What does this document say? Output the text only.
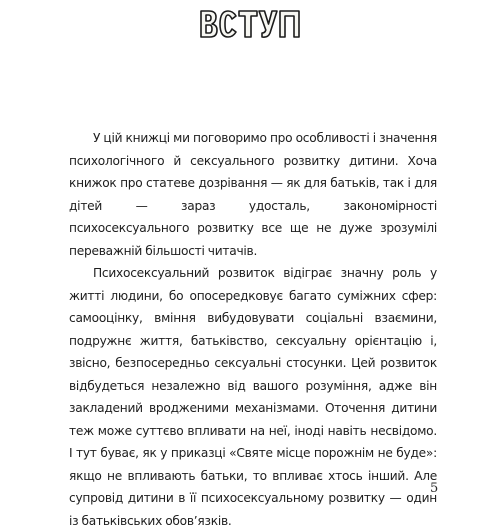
У цій книжці ми поговоримо про особливості і значення психологічного й сексуального розвитку дитини. Хоча книжок про статеве дозрівання — як для батьків, так і для дітей — зараз удосталь, закономірності психосексуального розвитку все ще не дуже зрозумілі переважній більшості читачів.

Психосексуальний розвиток відіграє значну роль у житті людини, бо опосередковує багато суміжних сфер: самооцінку, вміння вибудовувати соціальні взаємини, подружнє життя, батьківство, сексуальну орієнтацію і, звісно, безпосередньо сексуальні стосунки. Цей розвиток відбудеться незалежно від вашого розуміння, адже він закладений вродженими механізмами. Оточення дитини теж може суттєво впливати на неї, іноді навіть несвідомо. І тут буває, як у приказці «Святе місце порожнім не буде»: якщо не впливають батьки, то впливає хтось інший. Але супровід дитини в її психосексуальному розвитку — один із батьківських обов’язків.

5
